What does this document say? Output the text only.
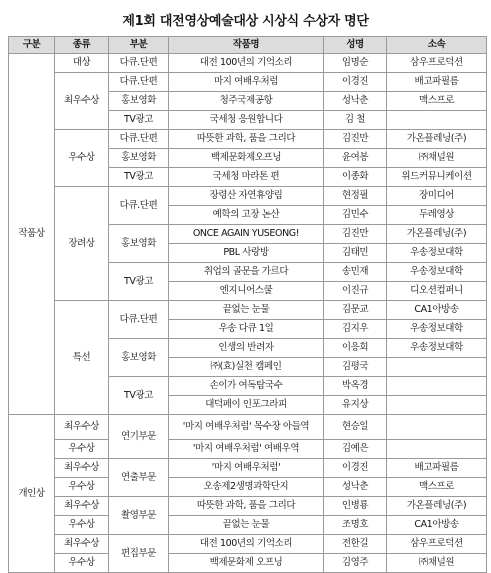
제1회 대전영상예술대상 시상식 수상자 명단
구분	종류	부분	작품명	성명	소속
작품상	대상	다큐.단편	대전 100년의 기억소리	임명순	삼우프로덕션
	최우수상	다큐.단편	마지 여배우처럼	이경진	배고파필름
		홍보영화	청주국제공항	성낙춘	맥스프로
		TV광고	국세청 응원합니다	김 철	
	우수상	다큐.단편	따뜻한 과학, 품을 그리다	김진만	가온플레닝(주)
		홍보영화	백제문화제오프닝	윤여봉	㈜채널원
		TV광고	국세청 마라톤 편	이종화	위드커뮤니케이션
	장려상	다큐.단편	장령산 자연휴양림	현정필	장미디어
			예학의 고장 논산	김민수	두레영상
		홍보영화	ONCE AGAIN YUSEONG!	김진만	가온플레닝(주)
			PBL 사랑방	김태민	우송정보대학
		TV광고	취업의 골문을 가르다	송민재	우송정보대학
			엔지니어스쿨	이진규	디오션컴퍼니
	특선	다큐.단편	끝없는 눈물	김문교	CA1아방송
			우송 다큐 1일	김지우	우송정보대학
		홍보영화	인생의 반려자	이응회	우송정보대학
			㈜(효)실천 캠페인	김평국	
		TV광고	손이가 여독탐국수	박옥경	
			대덕페이 인포그라피	유지상	
개인상	최우수상	연기부문	'마지 여배우처럼' 목수장 아들역	현승일	
	우수상		'마지 여배우처럼' 여배우역	김예은	
	최우수상	연출부문	'마지 여배우처럼'	이경진	배고파필름
	우수상		오송제2생명과학단지	성낙춘	맥스프로
	최우수상	촬영부문	따뜻한 과학, 품을 그리다	인병룡	가온플레닝(주)
	우수상		끝없는 눈물	조명호	CA1아방송
	최우수상	편집부문	대전 100년의 기억소리	전한길	삼우프로덕션
	우수상		백제문화제 오프닝	김영주	㈜채널원
